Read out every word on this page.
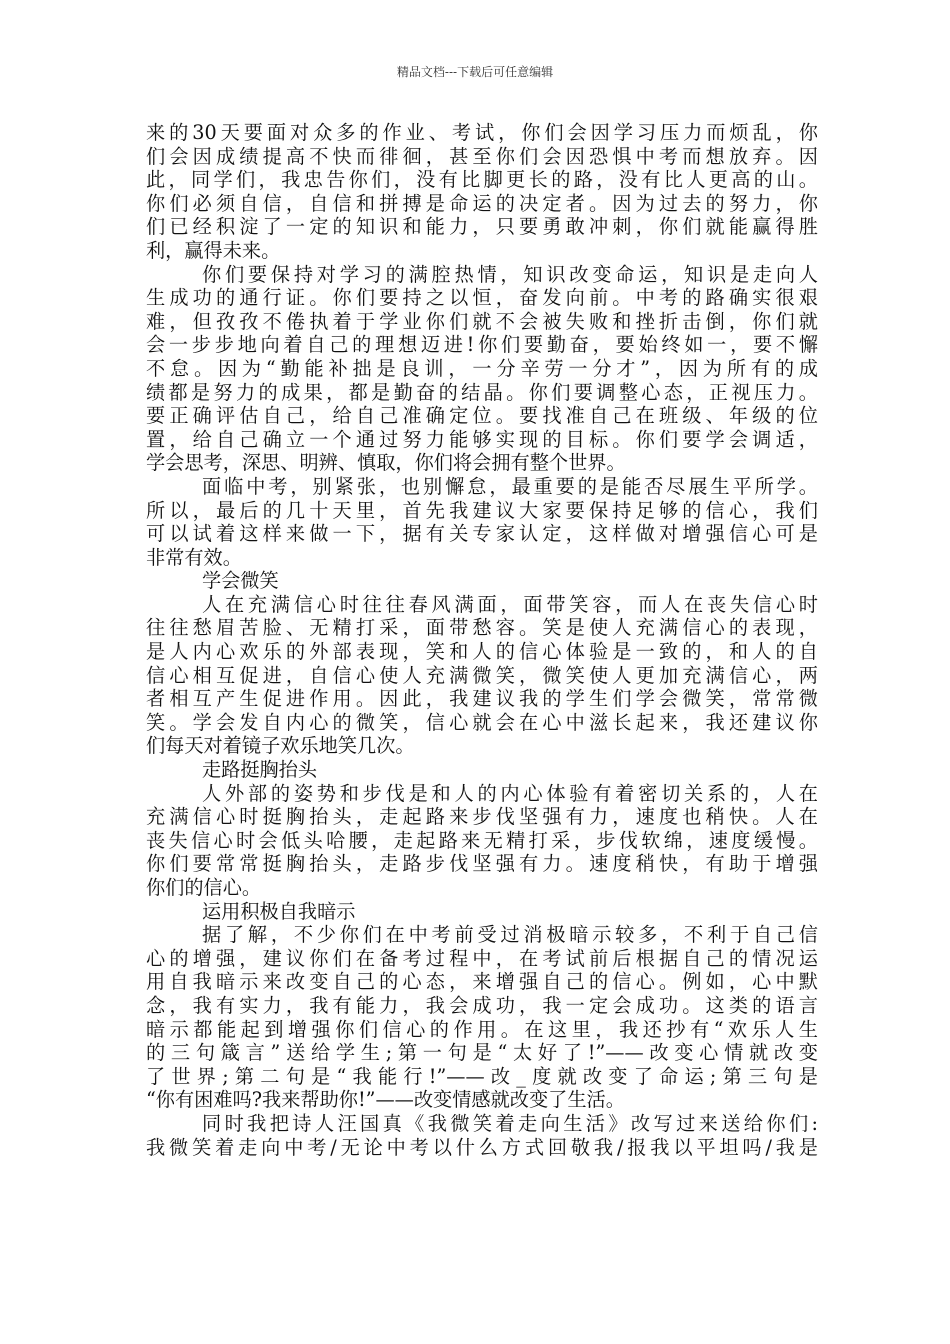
精品文档---下载后可任意编辑
来的30天要面对众多的作业、考试，你们会因学习压力而烦乱，你
们会因成绩提高不快而徘徊，甚至你们会因恐惧中考而想放弃。因
此，同学们，我忠告你们，没有比脚更长的路，没有比人更高的山。
你们必须自信，自信和拼搏是命运的决定者。因为过去的努力，你
们已经积淀了一定的知识和能力，只要勇敢冲刺，你们就能赢得胜
利，赢得未来。
你们要保持对学习的满腔热情，知识改变命运，知识是走向人
生成功的通行证。你们要持之以恒，奋发向前。中考的路确实很艰
难，但孜孜不倦执着于学业你们就不会被失败和挫折击倒，你们就
会一步步地向着自己的理想迈进!你们要勤奋，要始终如一，要不懈
不怠。因为“勤能补拙是良训，一分辛劳一分才”，因为所有的成
绩都是努力的成果，都是勤奋的结晶。你们要调整心态，正视压力。
要正确评估自己，给自己准确定位。要找准自己在班级、年级的位
置，给自己确立一个通过努力能够实现的目标。你们要学会调适，
学会思考，深思、明辨、慎取，你们将会拥有整个世界。
面临中考，别紧张，也别懈怠，最重要的是能否尽展生平所学。
所以，最后的几十天里，首先我建议大家要保持足够的信心，我们
可以试着这样来做一下，据有关专家认定，这样做对增强信心可是
非常有效。
学会微笑
人在充满信心时往往春风满面，面带笑容，而人在丧失信心时
往往愁眉苦脸、无精打采，面带愁容。笑是使人充满信心的表现，
是人内心欢乐的外部表现，笑和人的信心体验是一致的，和人的自
信心相互促进，自信心使人充满微笑，微笑使人更加充满信心，两
者相互产生促进作用。因此，我建议我的学生们学会微笑，常常微
笑。学会发自内心的微笑，信心就会在心中滋长起来，我还建议你
们每天对着镜子欢乐地笑几次。
走路挺胸抬头
人外部的姿势和步伐是和人的内心体验有着密切关系的，人在
充满信心时挺胸抬头，走起路来步伐坚强有力，速度也稍快。人在
丧失信心时会低头哈腰，走起路来无精打采，步伐软绵，速度缓慢。
你们要常常挺胸抬头，走路步伐坚强有力。速度稍快，有助于增强
你们的信心。
运用积极自我暗示
据了解，不少你们在中考前受过消极暗示较多，不利于自己信
心的增强，建议你们在备考过程中，在考试前后根据自己的情况运
用自我暗示来改变自己的心态，来增强自己的信心。例如，心中默
念，我有实力，我有能力，我会成功，我一定会成功。这类的语言
暗示都能起到增强你们信心的作用。在这里，我还抄有“欢乐人生
的三句箴言”送给学生;第一句是“太好了!”——改变心情就改变
了世界;第二句是“我能行!”——改_度就改变了命运;第三句是
“你有困难吗?我来帮助你!”——改变情感就改变了生活。
同时我把诗人汪国真《我微笑着走向生活》改写过来送给你们:
我微笑着走向中考/无论中考以什么方式回敬我/报我以平坦吗/我是
